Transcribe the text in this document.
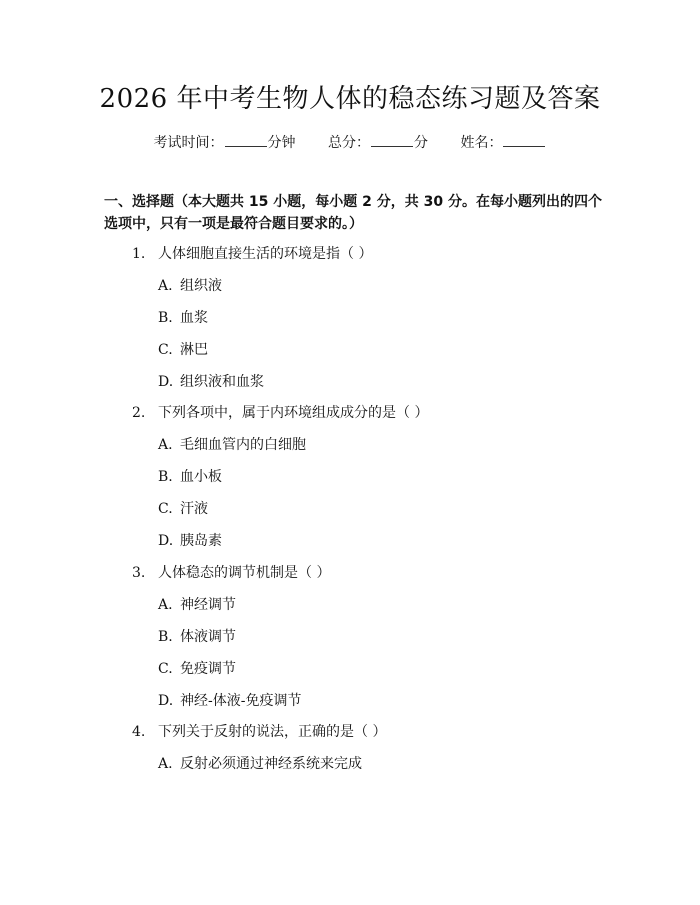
2026 年中考生物人体的稳态练习题及答案
考试时间：	分钟 总分：	分 姓名：
一、选择题（本大题共 15 小题，每小题 2 分，共 30 分。在每小题列出的四个选项中，只有一项是最符合题目要求的。）
1. 人体细胞直接生活的环境是指（ ）
A. 组织液
B. 血浆
C. 淋巴
D. 组织液和血浆
2. 下列各项中，属于内环境组成成分的是（ ）
A. 毛细血管内的白细胞
B. 血小板
C. 汗液
D. 胰岛素
3. 人体稳态的调节机制是（ ）
A. 神经调节
B. 体液调节
C. 免疫调节
D. 神经-体液-免疫调节
4. 下列关于反射的说法，正确的是（ ）
A. 反射必须通过神经系统来完成
